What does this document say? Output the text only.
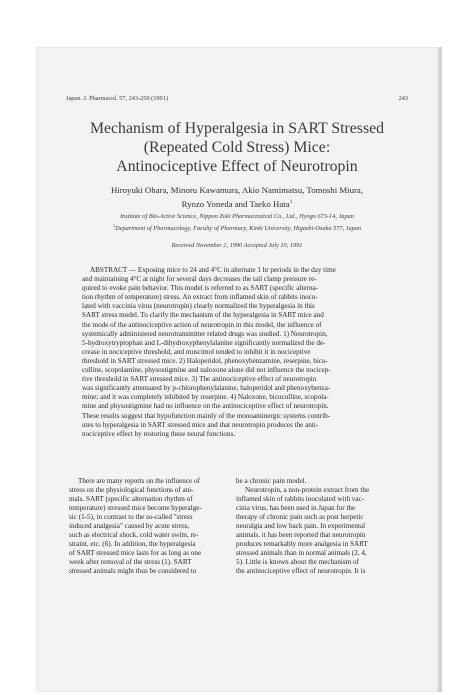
Japan. J. Pharmacol. 57, 243-250 (1991)	243
Mechanism of Hyperalgesia in SART Stressed
(Repeated Cold Stress) Mice:
Antinociceptive Effect of Neurotropin
Hiroyuki Ohara, Minoru Kawamura, Akio Namimatsu, Tomoshi Miura,
Ryozo Yoneda and Taeko Hata$^1$
Institute of Bio-Active Science, Nippon Zoki Pharmaceutical Co., Ltd., Hyogo 673-14, Japan
$^1$Department of Pharmacology, Faculty of Pharmacy, Kinki University, Higashi-Osaka 577, Japan
Received November 2, 1990 Accepted July 10, 1991
ABSTRACT — Exposing mice to 24 and 4°C in alternate 1 hr periods in the day time
and maintaining 4°C at night for several days decreases the tail clamp pressure re-
quired to evoke pain behavior. This model is referred to as SART (specific alterna-
tion rhythm of temperature) stress. An extract from inflamed skin of rabbits inocu-
lated with vaccinia virus (neurotropin) clearly normalized the hyperalgesia in this
SART stress model. To clarify the mechanism of the hyperalgesia in SART mice and
the mode of the antinociceptive action of neurotropin in this model, the influence of
systemically administered neurotransmitter related drugs was studied. 1) Neurotropin,
5-hydroxytryptophan and L-dihydroxyphenylalanine significantly normalized the de-
crease in nociceptive threshold, and muscimol tended to inhibit it in nociceptive
threshold in SART stressed mice. 2) Haloperidol, phenoxybenzamine, reserpine, bicu-
culline, scopolamine, physostigmine and naloxone alone did not influence the nocicep-
tive threshold in SART stressed mice. 3) The antinociceptive effect of neurotropin
was significantly attenuated by p-chlorophenylalanine, haloperidol and phenoxybenza-
mine; and it was completely inhibited by reserpine. 4) Naloxone, bicuculline, scopola-
mine and physostigmine had no influence on the antinociceptive effect of neurotropin.
These results suggest that hypofunction mainly of the monoaminergic systems contrib-
utes to hyperalgesia in SART stressed mice and that neurotropin produces the anti-
nociceptive effect by restoring these neural functions.
There are many reports on the influence of
stress on the physiological functions of ani-
mals. SART (specific alternation rhythm of
temperature) stressed mice become hyperalge-
sic (1-5), in contrast to the so-called "stress
induced analgesia" caused by acute stress,
such as electrical shock, cold water swim, re-
straint, etc. (6). In addition, the hyperalgesia
of SART stressed mice lasts for as long as one
week after removal of the stress (1). SART
stressed animals might thus be considered to
be a chronic pain model.
Neurotropin, a non-protein extract from the
inflamed skin of rabbits inoculated with vac-
cinia virus, has been used in Japan for the
therapy of chronic pain such as post herpetic
neuralgia and low back pain. In experimental
animals, it has been reported that neurotropin
produces remarkably more analgesia in SART
stressed animals than in normal animals (2, 4,
5). Little is known about the mechanism of
the antinociceptive effect of neurotropin. It is
